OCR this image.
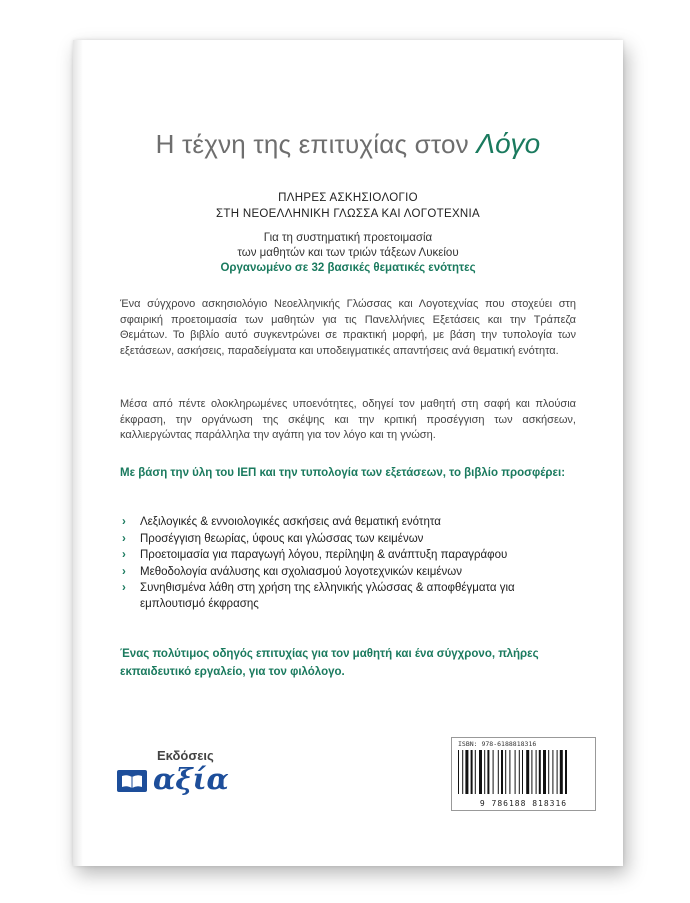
Η τέχνη της επιτυχίας στον Λόγο
ΠΛΗΡΕΣ ΑΣΚΗΣΙΟΛΟΓΙΟ
ΣΤΗ ΝΕΟΕΛΛΗΝΙΚΗ ΓΛΩΣΣΑ ΚΑΙ ΛΟΓΟΤΕΧΝΙΑ
Για τη συστηματική προετοιμασία
των μαθητών και των τριών τάξεων Λυκείου
Οργανωμένο σε 32 βασικές θεματικές ενότητες
Ένα σύγχρονο ασκησιολόγιο Νεοελληνικής Γλώσσας και Λογοτεχνίας που στοχεύει στη σφαιρική προετοιμασία των μαθητών για τις Πανελλήνιες Εξετάσεις και την Τράπεζα Θεμάτων. Το βιβλίο αυτό συγκεντρώνει σε πρακτική μορφή, με βάση την τυπολογία των εξετάσεων, ασκήσεις, παραδείγματα και υποδειγματικές απαντήσεις ανά θεματική ενότητα.
Μέσα από πέντε ολοκληρωμένες υποενότητες, οδηγεί τον μαθητή στη σαφή και πλούσια έκφραση, την οργάνωση της σκέψης και την κριτική προσέγγιση των ασκήσεων, καλλιεργώντας παράλληλα την αγάπη για τον λόγο και τη γνώση.
Με βάση την ύλη του ΙΕΠ και την τυπολογία των εξετάσεων, το βιβλίο προσφέρει:
› Λεξιλογικές & εννοιολογικές ασκήσεις ανά θεματική ενότητα
› Προσέγγιση θεωρίας, ύφους και γλώσσας των κειμένων
› Προετοιμασία για παραγωγή λόγου, περίληψη & ανάπτυξη παραγράφου
› Μεθοδολογία ανάλυσης και σχολιασμού λογοτεχνικών κειμένων
› Συνηθισμένα λάθη στη χρήση της ελληνικής γλώσσας & αποφθέγματα για εμπλουτισμό έκφρασης
Ένας πολύτιμος οδηγός επιτυχίας για τον μαθητή και ένα σύγχρονο, πλήρες εκπαιδευτικό εργαλείο, για τον φιλόλογο.
Εκδόσεις
αξία
ISBN: 978-6188818316
9 786188 818316
